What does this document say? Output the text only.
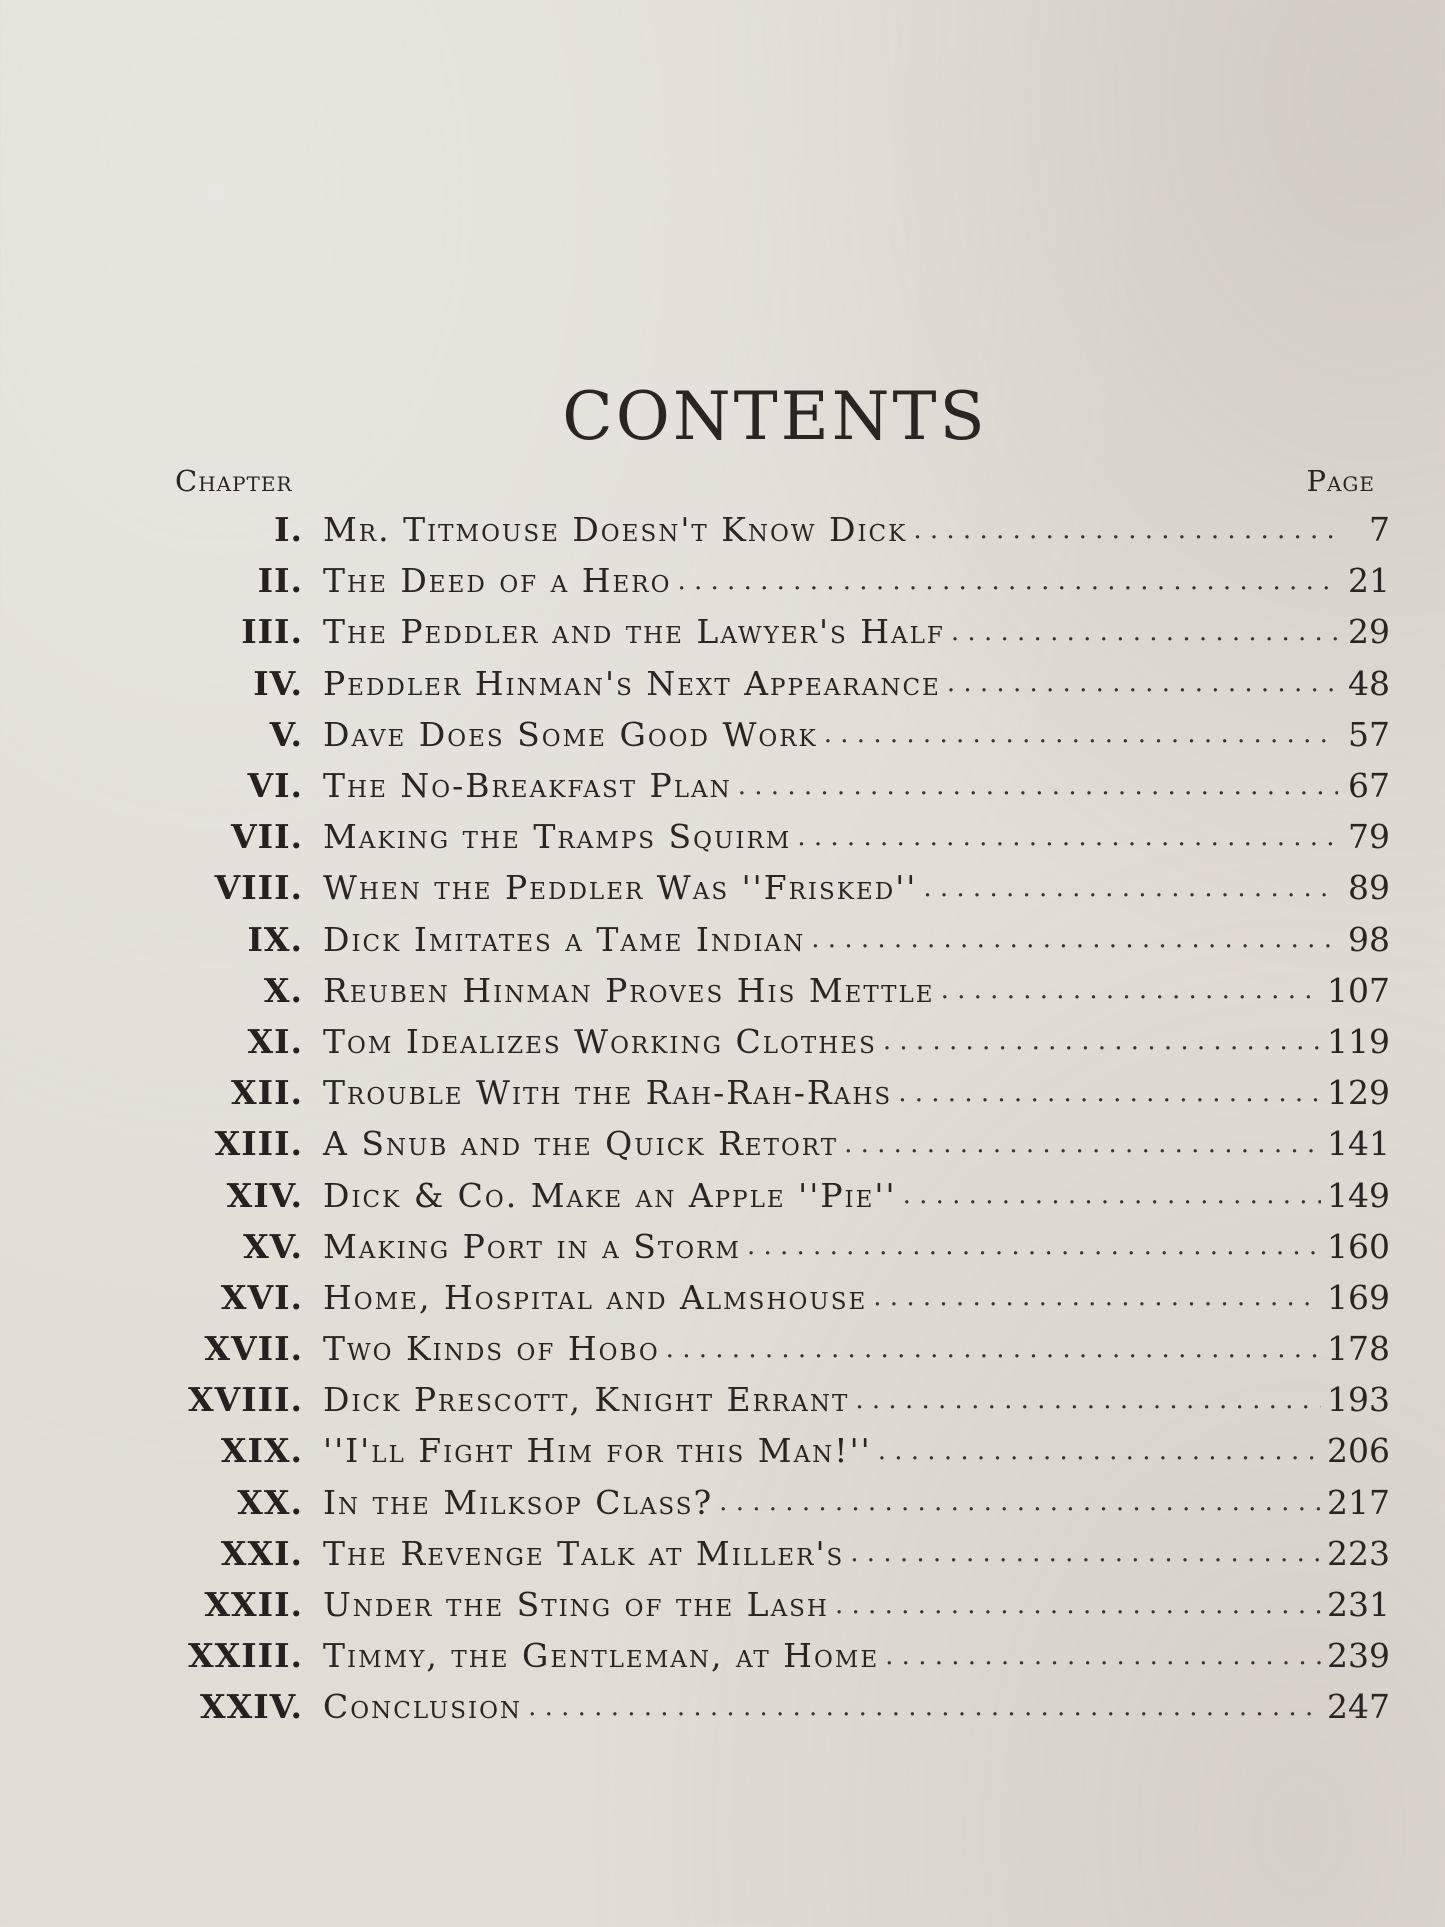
CONTENTS
Chapter	Page
I. Mr. Titmouse Doesn't Know Dick . . .	7
II. The Deed of a Hero . . .	21
III. The Peddler and the Lawyer's Half . . .	29
IV. Peddler Hinman's Next Appearance . . .	48
V. Dave Does Some Good Work . . .	57
VI. The No-Breakfast Plan . . .	67
VII. Making the Tramps Squirm . . .	79
VIII. When the Peddler Was ''Frisked'' . . .	89
IX. Dick Imitates a Tame Indian . . .	98
X. Reuben Hinman Proves His Mettle . . .	107
XI. Tom Idealizes Working Clothes . . .	119
XII. Trouble With the Rah-Rah-Rahs . . .	129
XIII. A Snub and the Quick Retort . . .	141
XIV. Dick & Co. Make an Apple ''Pie'' . . .	149
XV. Making Port in a Storm . . .	160
XVI. Home, Hospital and Almshouse . . .	169
XVII. Two Kinds of Hobo . . .	178
XVIII. Dick Prescott, Knight Errant . . .	193
XIX. ''I'll Fight Him for this Man!'' . . .	206
XX. In the Milksop Class? . . .	217
XXI. The Revenge Talk at Miller's . . .	223
XXII. Under the Sting of the Lash . . .	231
XXIII. Timmy, the Gentleman, at Home . . .	239
XXIV. Conclusion . . .	247
